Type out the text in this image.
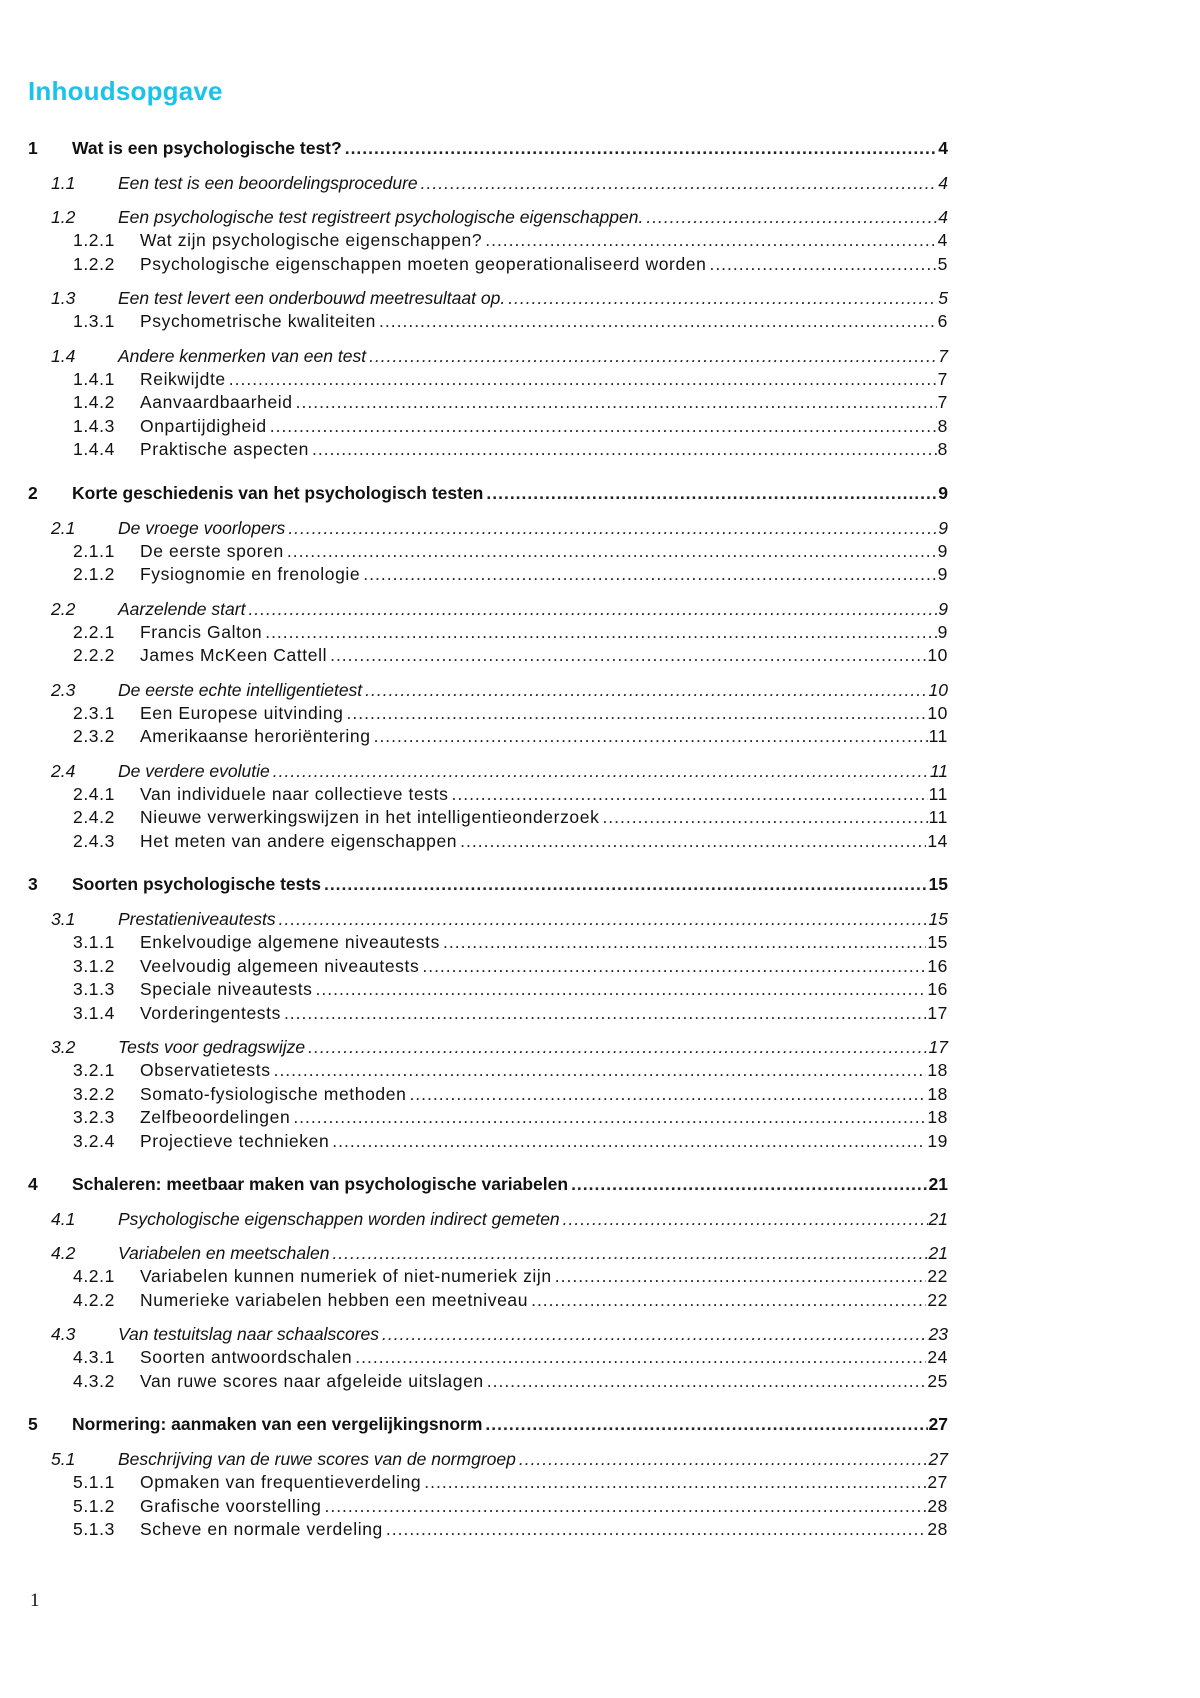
Inhoudsopgave
1	Wat is een psychologische test? .....	4
1.1	Een test is een beoordelingsprocedure .....	4
1.2	Een psychologische test registreert psychologische eigenschappen. .....	4
1.2.1	Wat zijn psychologische eigenschappen? .....	4
1.2.2	Psychologische eigenschappen moeten geoperationaliseerd worden .....	5
1.3	Een test levert een onderbouwd meetresultaat op. .....	5
1.3.1	Psychometrische kwaliteiten .....	6
1.4	Andere kenmerken van een test .....	7
1.4.1	Reikwijdte .....	7
1.4.2	Aanvaardbaarheid .....	7
1.4.3	Onpartijdigheid .....	8
1.4.4	Praktische aspecten .....	8
2	Korte geschiedenis van het psychologisch testen .....	9
2.1	De vroege voorlopers .....	9
2.1.1	De eerste sporen .....	9
2.1.2	Fysiognomie en frenologie .....	9
2.2	Aarzelende start .....	9
2.2.1	Francis Galton .....	9
2.2.2	James McKeen Cattell .....	10
2.3	De eerste echte intelligentietest .....	10
2.3.1	Een Europese uitvinding .....	10
2.3.2	Amerikaanse heroriëntering .....	11
2.4	De verdere evolutie .....	11
2.4.1	Van individuele naar collectieve tests .....	11
2.4.2	Nieuwe verwerkingswijzen in het intelligentieonderzoek .....	11
2.4.3	Het meten van andere eigenschappen .....	14
3	Soorten psychologische tests .....	15
3.1	Prestatieniveautests .....	15
3.1.1	Enkelvoudige algemene niveautests .....	15
3.1.2	Veelvoudig algemeen niveautests .....	16
3.1.3	Speciale niveautests .....	16
3.1.4	Vorderingentests .....	17
3.2	Tests voor gedragswijze .....	17
3.2.1	Observatietests .....	18
3.2.2	Somato-fysiologische methoden .....	18
3.2.3	Zelfbeoordelingen .....	18
3.2.4	Projectieve technieken .....	19
4	Schaleren: meetbaar maken van psychologische variabelen .....	21
4.1	Psychologische eigenschappen worden indirect gemeten .....	21
4.2	Variabelen en meetschalen .....	21
4.2.1	Variabelen kunnen numeriek of niet-numeriek zijn .....	22
4.2.2	Numerieke variabelen hebben een meetniveau .....	22
4.3	Van testuitslag naar schaalscores .....	23
4.3.1	Soorten antwoordschalen .....	24
4.3.2	Van ruwe scores naar afgeleide uitslagen .....	25
5	Normering: aanmaken van een vergelijkingsnorm .....	27
5.1	Beschrijving van de ruwe scores van de normgroep .....	27
5.1.1	Opmaken van frequentieverdeling .....	27
5.1.2	Grafische voorstelling .....	28
5.1.3	Scheve en normale verdeling .....	28
1
